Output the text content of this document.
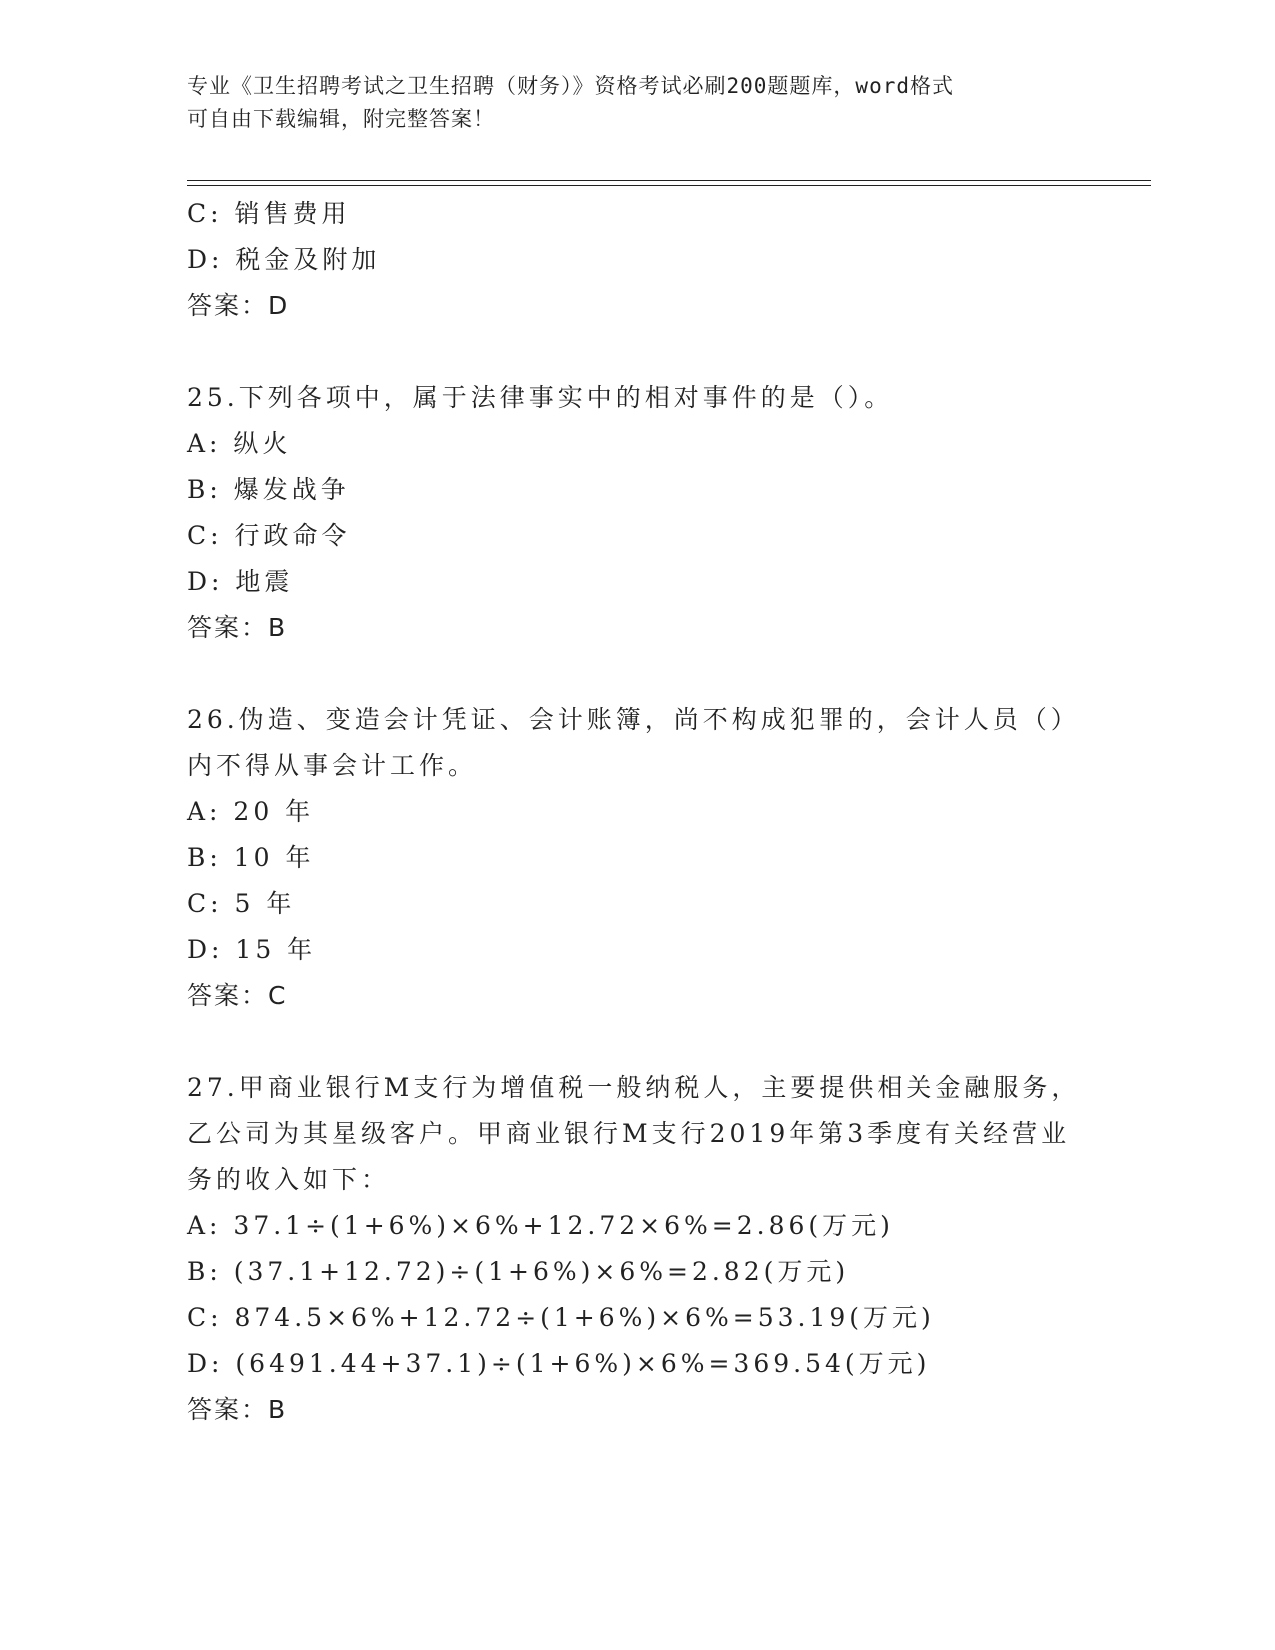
专业《卫生招聘考试之卫生招聘（财务）》资格考试必刷200题题库，word格式
可自由下载编辑，附完整答案！
C: 销售费用
D: 税金及附加
答案：D
25.下列各项中，属于法律事实中的相对事件的是（）。
A: 纵火
B: 爆发战争
C: 行政命令
D: 地震
答案：B
26.伪造、变造会计凭证、会计账簿，尚不构成犯罪的，会计人员（）
内不得从事会计工作。
A: 20 年
B: 10 年
C: 5 年
D: 15 年
答案：C
27.甲商业银行M支行为增值税一般纳税人，主要提供相关金融服务，
乙公司为其星级客户。甲商业银行M支行2019年第3季度有关经营业
务的收入如下：
A: 37.1÷(1+6%)×6%+12.72×6%=2.86(万元)
B: (37.1+12.72)÷(1+6%)×6%=2.82(万元)
C: 874.5×6%+12.72÷(1+6%)×6%=53.19(万元)
D: (6491.44+37.1)÷(1+6%)×6%=369.54(万元)
答案：B
